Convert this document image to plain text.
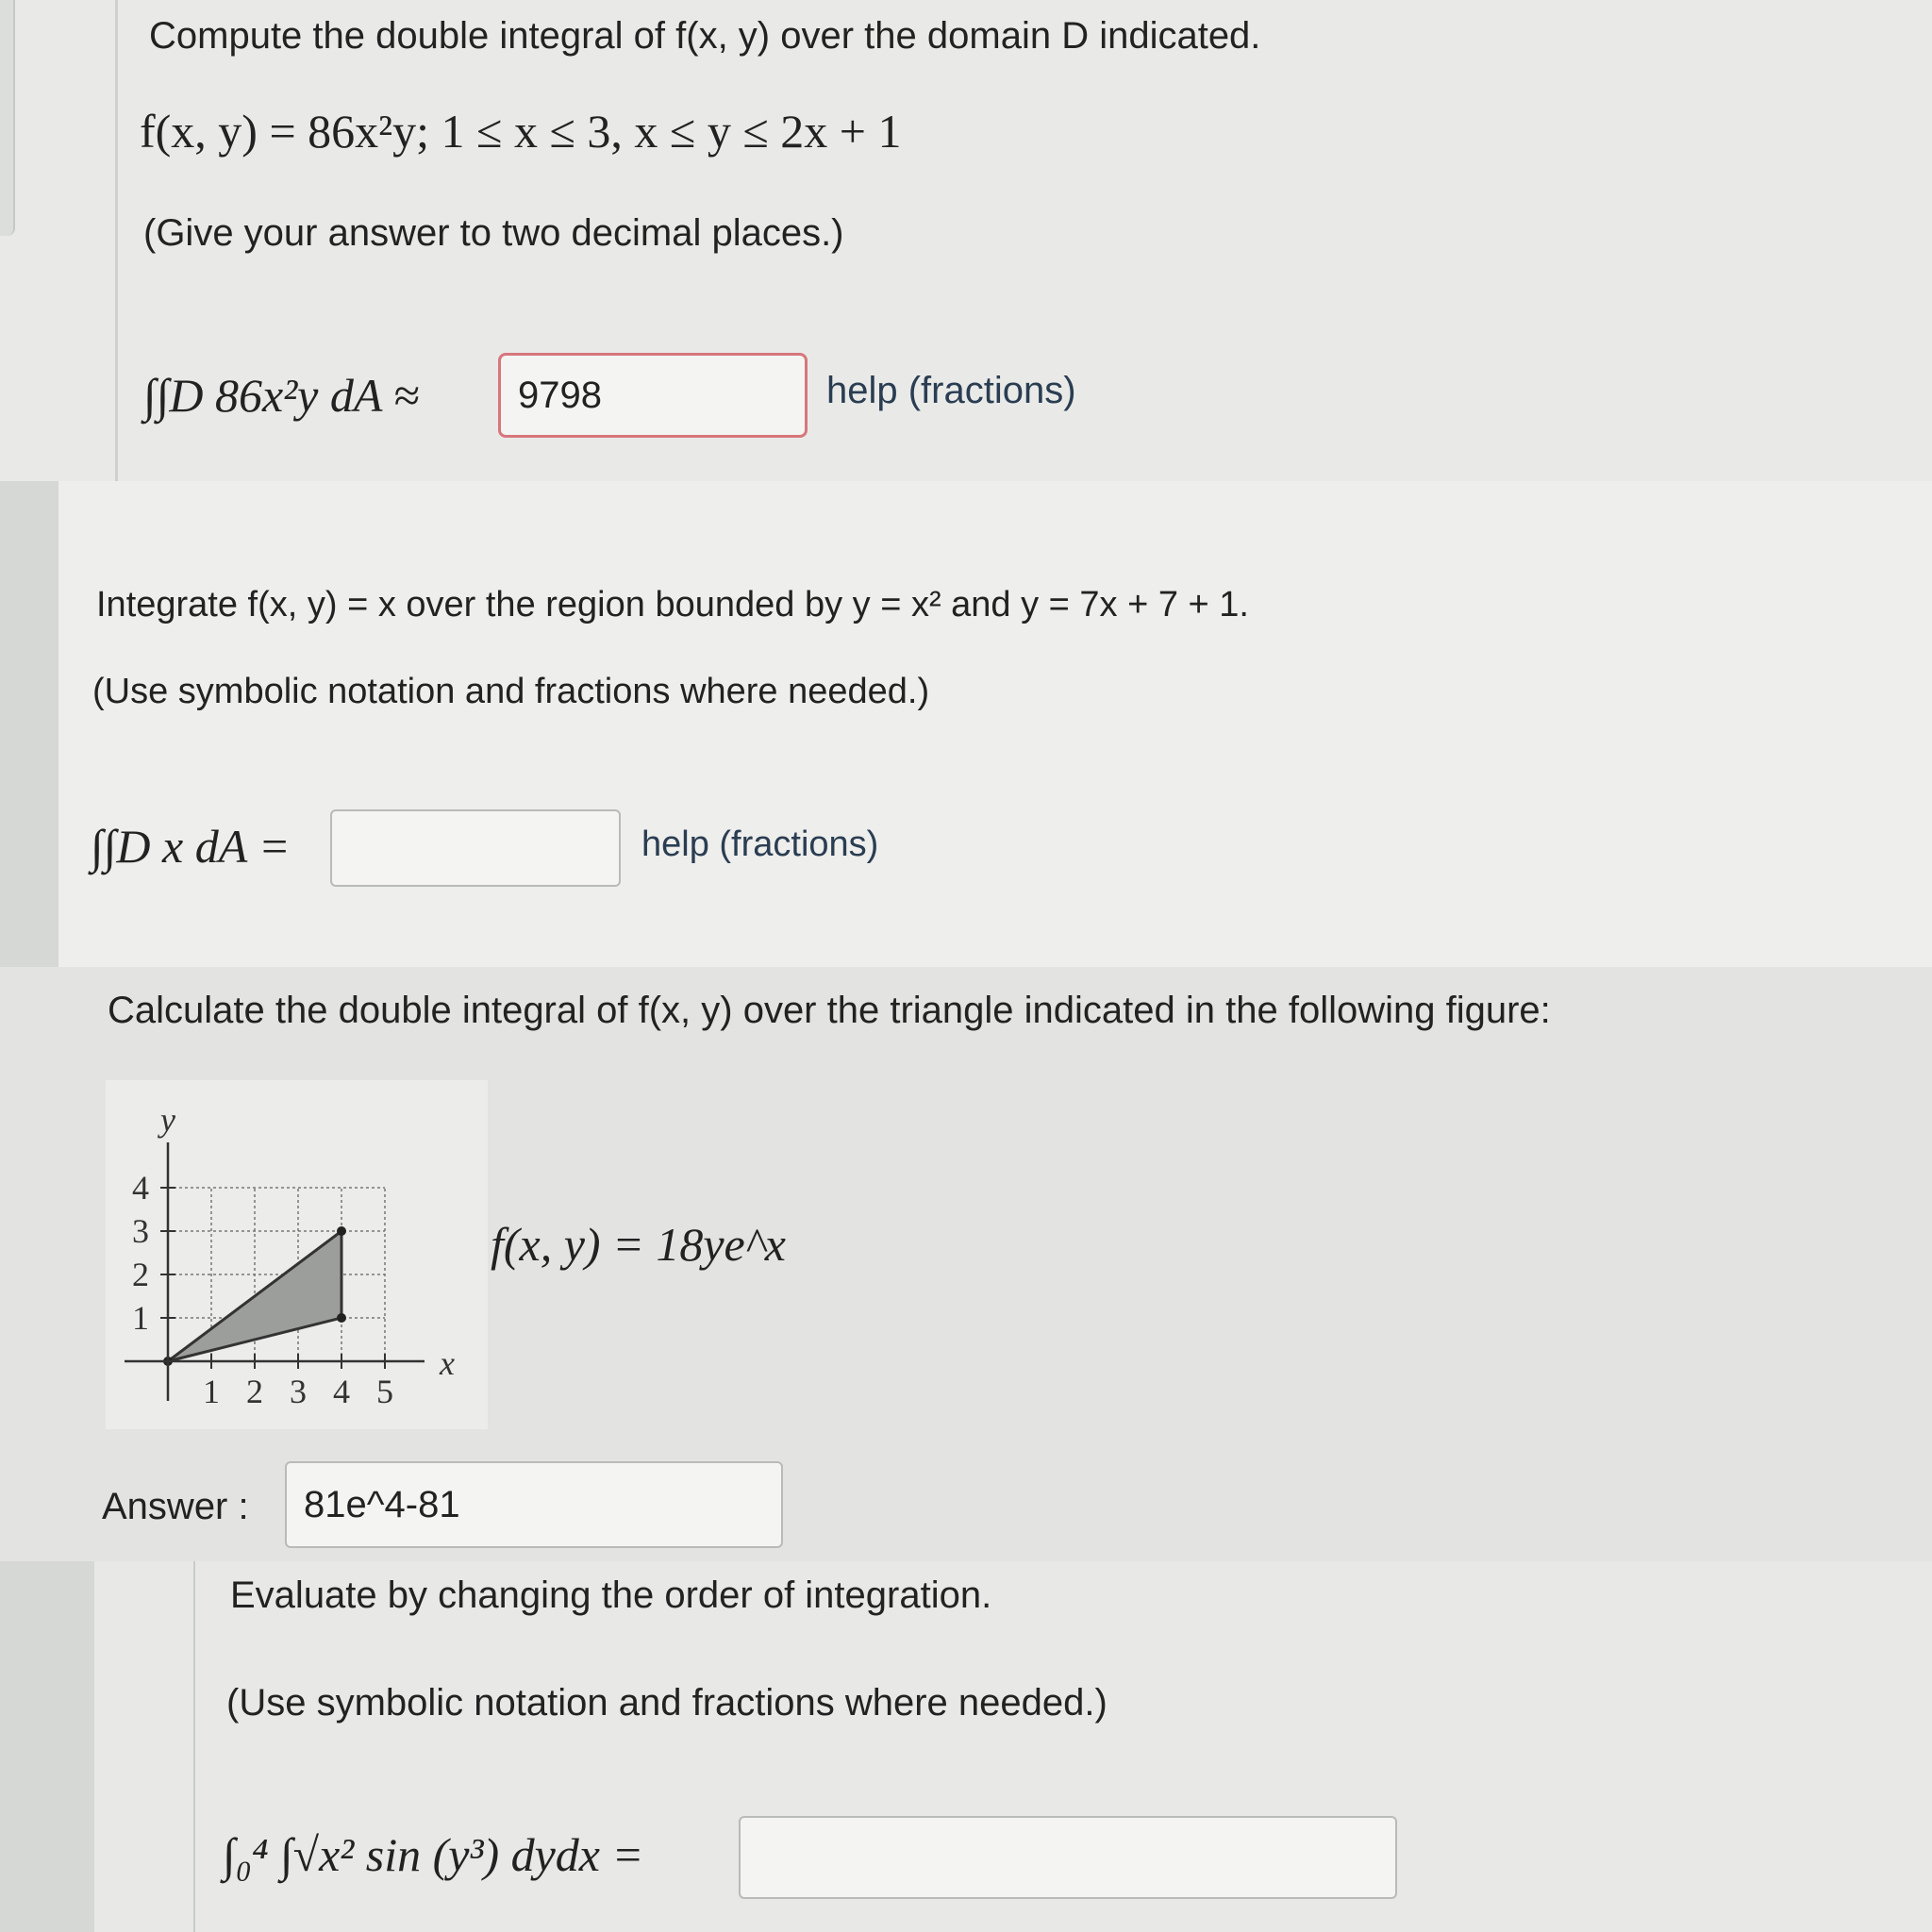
Compute the double integral of f(x, y) over the domain D indicated.
f(x, y) = 86x²y; 1 ≤ x ≤ 3, x ≤ y ≤ 2x + 1
(Give your answer to two decimal places.)
∫∫D 86x²y dA ≈	9798	help (fractions)
Integrate f(x, y) = x over the region bounded by y = x² and y = 7x + 7 + 1.
(Use symbolic notation and fractions where needed.)
∫∫D x dA =	help (fractions)
Calculate the double integral of f(x, y) over the triangle indicated in the following figure:
f(x, y) = 18ye^x
Answer :	81e^4-81
1 2 3 4 5
1
2
3
4
x
y
Evaluate by changing the order of integration.
(Use symbolic notation and fractions where needed.)
∫₀⁴ ∫√x² sin (y³) dydx =
